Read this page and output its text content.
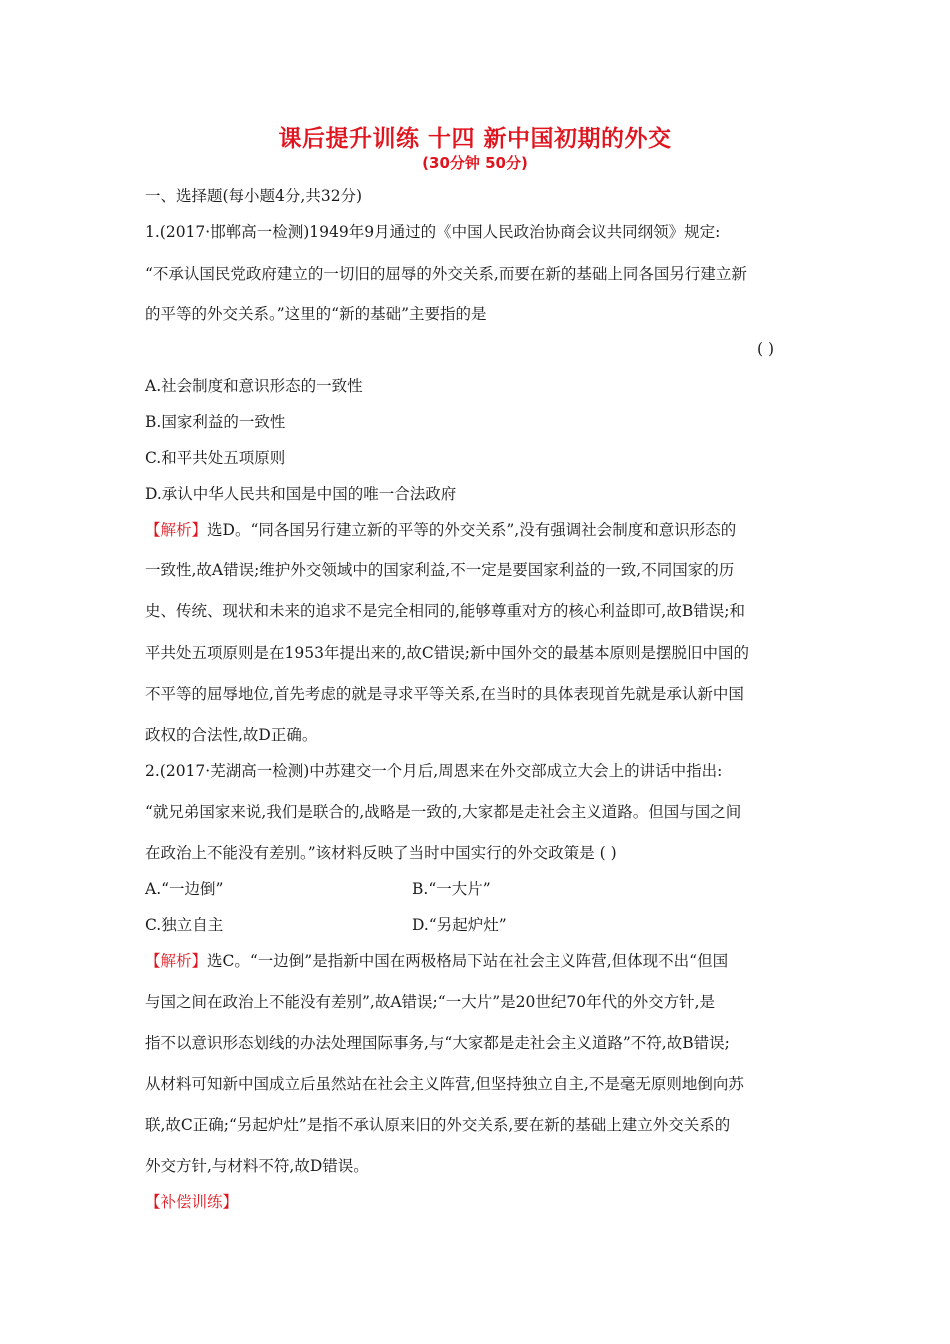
课后提升训练 十四 新中国初期的外交
(30分钟 50分)
一、选择题(每小题4分,共32分)
1.(2017·邯郸高一检测)1949年9月通过的《中国人民政治协商会议共同纲领》规定:
“不承认国民党政府建立的一切旧的屈辱的外交关系,而要在新的基础上同各国另行建立新
的平等的外交关系。”这里的“新的基础”主要指的是
( )
A.社会制度和意识形态的一致性
B.国家利益的一致性
C.和平共处五项原则
D.承认中华人民共和国是中国的唯一合法政府
【解析】选D。“同各国另行建立新的平等的外交关系”,没有强调社会制度和意识形态的
一致性,故A错误;维护外交领域中的国家利益,不一定是要国家利益的一致,不同国家的历
史、传统、现状和未来的追求不是完全相同的,能够尊重对方的核心利益即可,故B错误;和
平共处五项原则是在1953年提出来的,故C错误;新中国外交的最基本原则是摆脱旧中国的
不平等的屈辱地位,首先考虑的就是寻求平等关系,在当时的具体表现首先就是承认新中国
政权的合法性,故D正确。
2.(2017·芜湖高一检测)中苏建交一个月后,周恩来在外交部成立大会上的讲话中指出:
“就兄弟国家来说,我们是联合的,战略是一致的,大家都是走社会主义道路。但国与国之间
在政治上不能没有差别。”该材料反映了当时中国实行的外交政策是 ( )
A.“一边倒”	B.“一大片”
C.独立自主	D.“另起炉灶”
【解析】选C。“一边倒”是指新中国在两极格局下站在社会主义阵营,但体现不出“但国
与国之间在政治上不能没有差别”,故A错误;“一大片”是20世纪70年代的外交方针,是
指不以意识形态划线的办法处理国际事务,与“大家都是走社会主义道路”不符,故B错误;
从材料可知新中国成立后虽然站在社会主义阵营,但坚持独立自主,不是毫无原则地倒向苏
联,故C正确;“另起炉灶”是指不承认原来旧的外交关系,要在新的基础上建立外交关系的
外交方针,与材料不符,故D错误。
【补偿训练】
